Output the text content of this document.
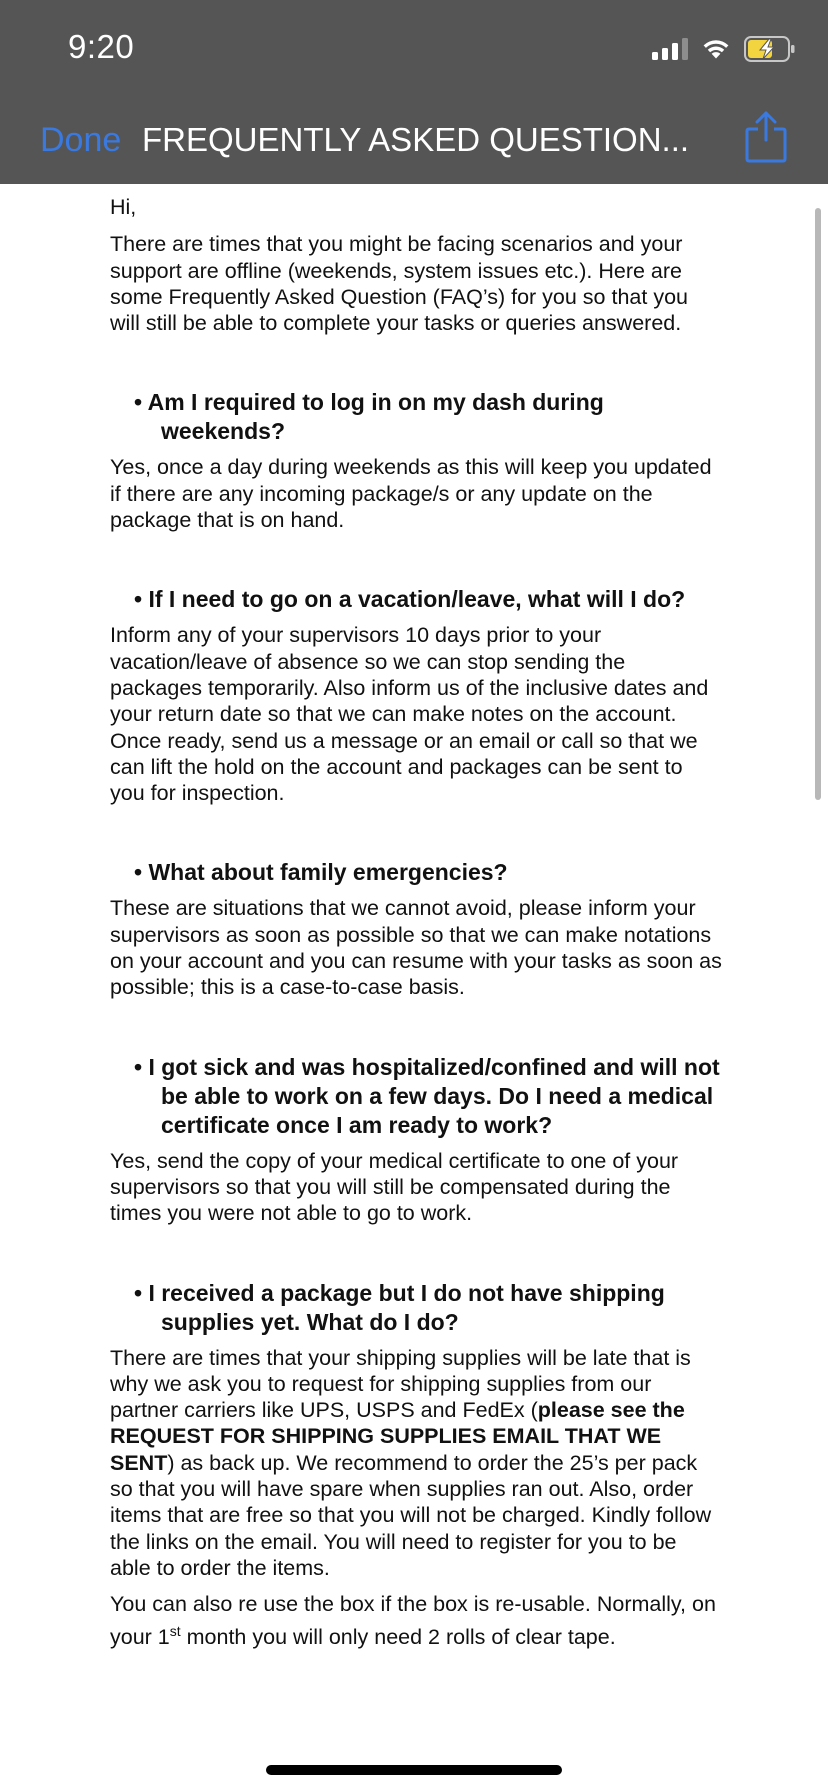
9:20
Done FREQUENTLY ASKED QUESTION...

Hi,

There are times that you might be facing scenarios and your support are offline (weekends, system issues etc.). Here are some Frequently Asked Question (FAQ’s) for you so that you will still be able to complete your tasks or queries answered.

• Am I required to log in on my dash during weekends?

Yes, once a day during weekends as this will keep you updated if there are any incoming package/s or any update on the package that is on hand.

• If I need to go on a vacation/leave, what will I do?

Inform any of your supervisors 10 days prior to your vacation/leave of absence so we can stop sending the packages temporarily. Also inform us of the inclusive dates and your return date so that we can make notes on the account. Once ready, send us a message or an email or call so that we can lift the hold on the account and packages can be sent to you for inspection.

• What about family emergencies?

These are situations that we cannot avoid, please inform your supervisors as soon as possible so that we can make notations on your account and you can resume with your tasks as soon as possible; this is a case-to-case basis.

• I got sick and was hospitalized/confined and will not be able to work on a few days. Do I need a medical certificate once I am ready to work?

Yes, send the copy of your medical certificate to one of your supervisors so that you will still be compensated during the times you were not able to go to work.

• I received a package but I do not have shipping supplies yet. What do I do?

There are times that your shipping supplies will be late that is why we ask you to request for shipping supplies from our partner carriers like UPS, USPS and FedEx (please see the REQUEST FOR SHIPPING SUPPLIES EMAIL THAT WE SENT) as back up. We recommend to order the 25’s per pack so that you will have spare when supplies ran out. Also, order items that are free so that you will not be charged. Kindly follow the links on the email. You will need to register for you to be able to order the items.

You can also re use the box if the box is re-usable. Normally, on your 1st month you will only need 2 rolls of clear tape.
